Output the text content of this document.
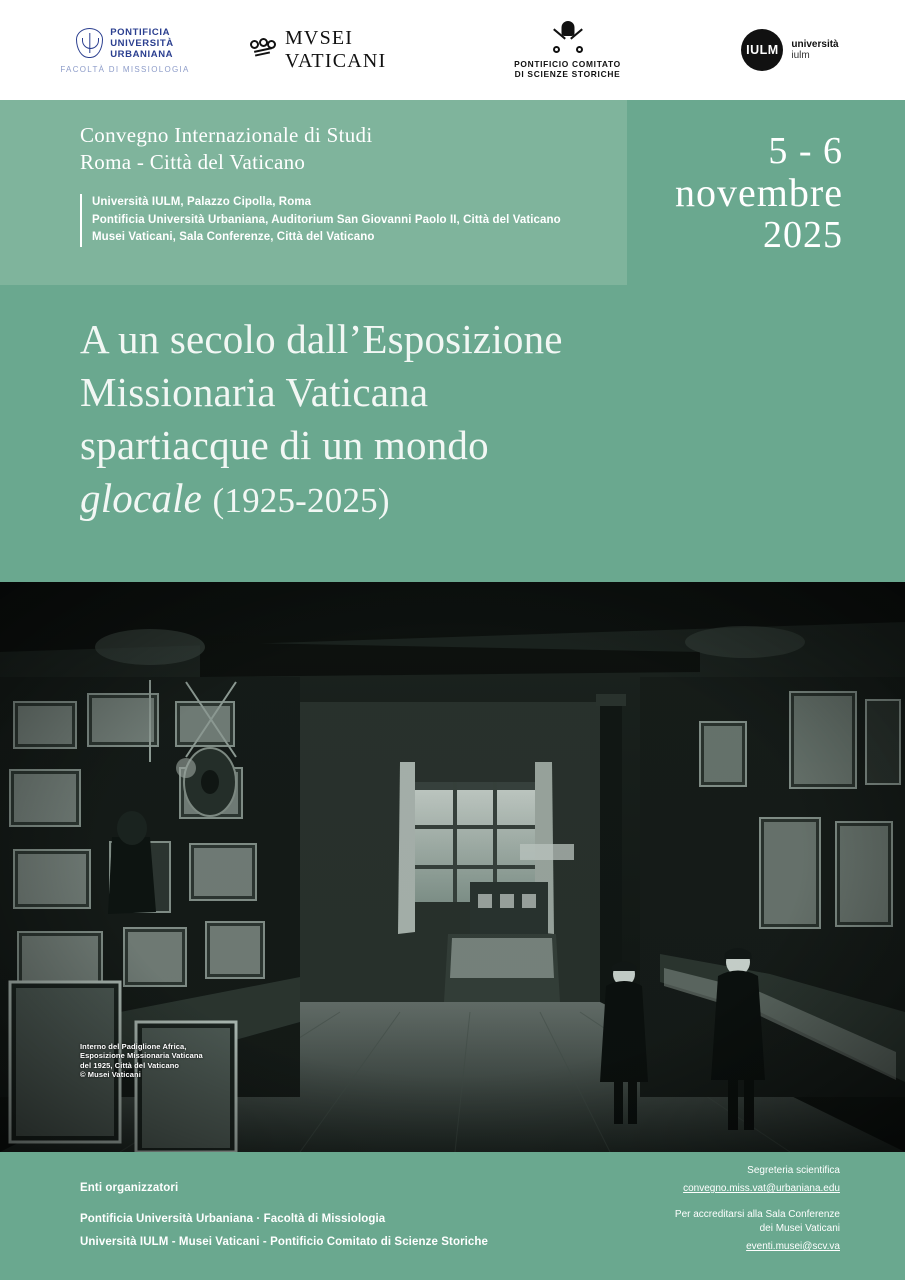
PONTIFICIA
UNIVERSITÀ
URBANIANA
FACOLTÀ DI MISSIOLOGIA
MVSEI VATICANI	PONTIFICIO COMITATO
DI SCIENZE STORICHE
IULM	università
iulm
Convegno Internazionale di Studi
Roma - Città del Vaticano
Università IULM, Palazzo Cipolla, Roma
Pontificia Università Urbaniana, Auditorium San Giovanni Paolo II, Città del Vaticano
Musei Vaticani, Sala Conferenze, Città del Vaticano
5 - 6
novembre
2025
A un secolo dall’Esposizione
Missionaria Vaticana
spartiacque di un mondo
glocale (1925-2025)
Interno del Padiglione Africa,
Esposizione Missionaria Vaticana
del 1925, Città del Vaticano
© Musei Vaticani
Enti organizzatori
Pontificia Università Urbaniana · Facoltà di Missiologia
Università IULM - Musei Vaticani - Pontificio Comitato di Scienze Storiche
Segreteria scientifica
convegno.miss.vat@urbaniana.edu
Per accreditarsi alla Sala Conferenze
dei Musei Vaticani
eventi.musei@scv.va
